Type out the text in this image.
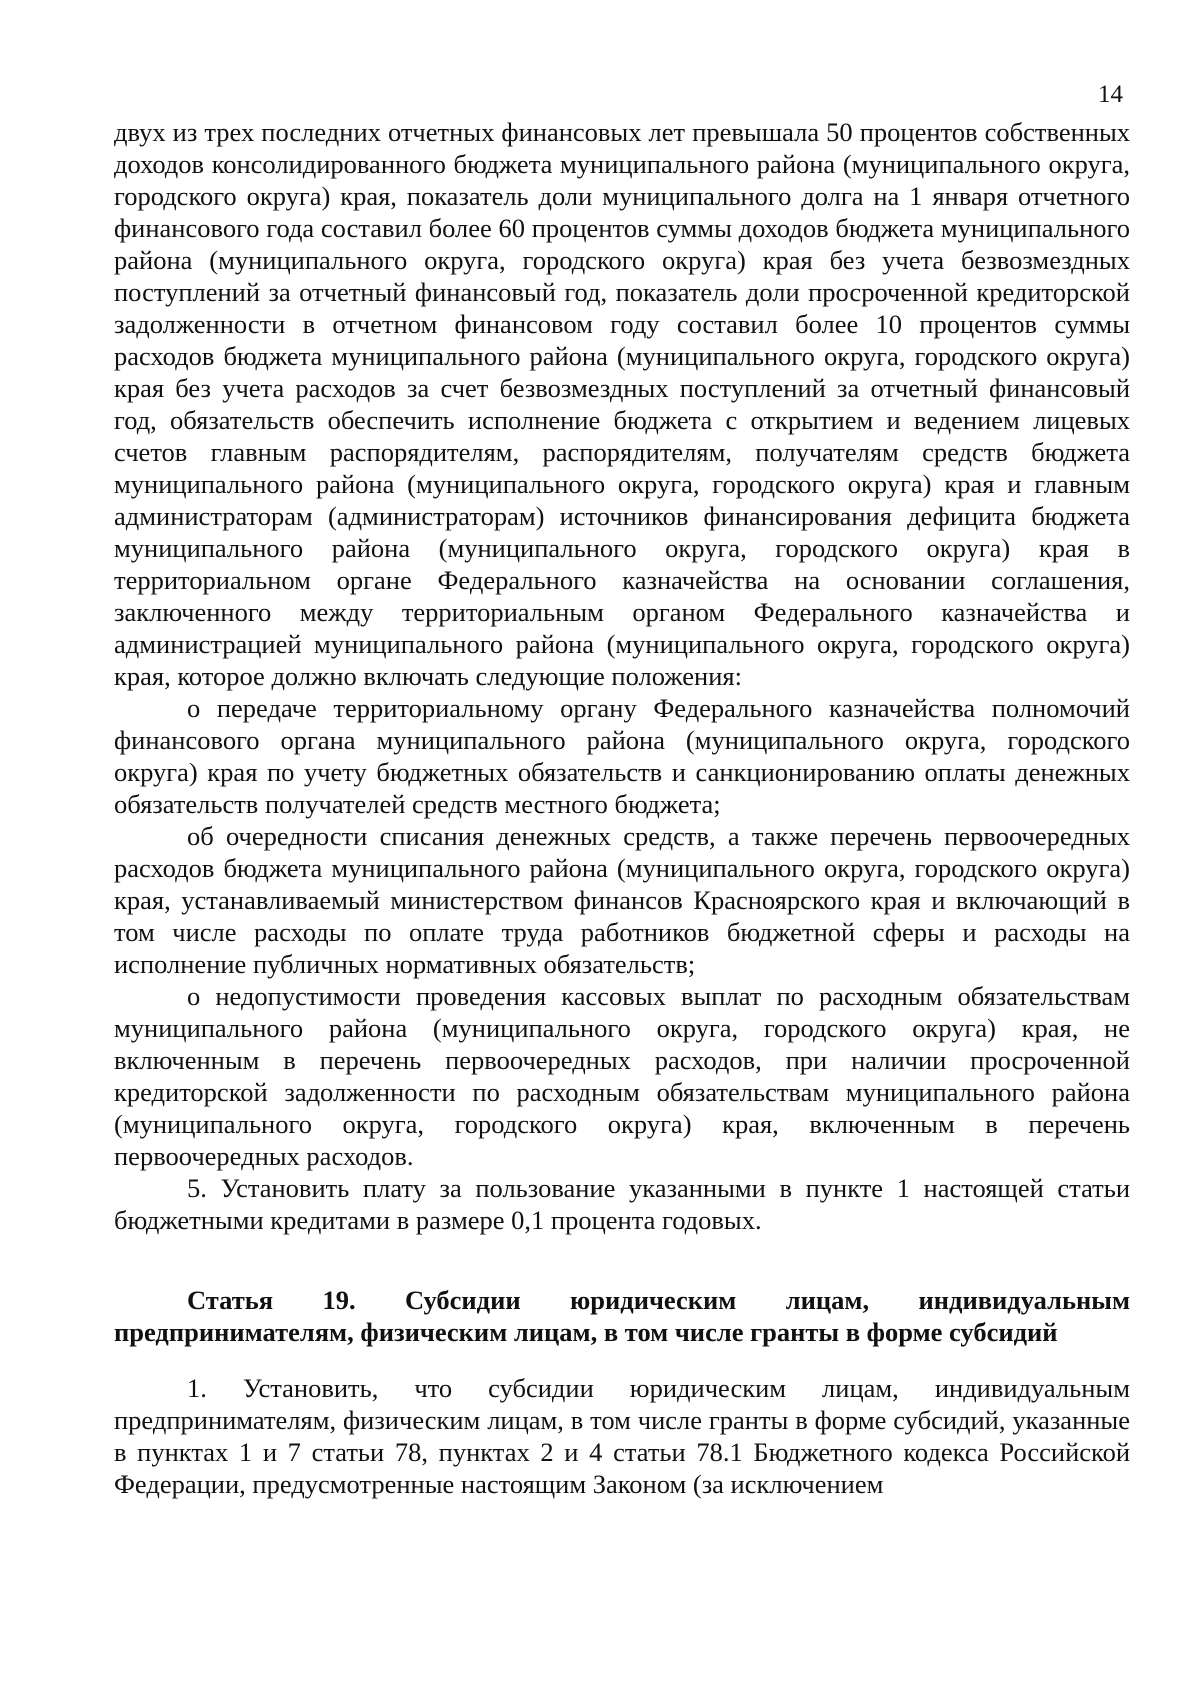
14

двух из трех последних отчетных финансовых лет превышала 50 процентов собственных доходов консолидированного бюджета муниципального района (муниципального округа, городского округа) края, показатель доли муниципального долга на 1 января отчетного финансового года составил более 60 процентов суммы доходов бюджета муниципального района (муниципального округа, городского округа) края без учета безвозмездных поступлений за отчетный финансовый год, показатель доли просроченной кредиторской задолженности в отчетном финансовом году составил более 10 процентов суммы расходов бюджета муниципального района (муниципального округа, городского округа) края без учета расходов за счет безвозмездных поступлений за отчетный финансовый год, обязательств обеспечить исполнение бюджета с открытием и ведением лицевых счетов главным распорядителям, распорядителям, получателям средств бюджета муниципального района (муниципального округа, городского округа) края и главным администраторам (администраторам) источников финансирования дефицита бюджета муниципального района (муниципального округа, городского округа) края в территориальном органе Федерального казначейства на основании соглашения, заключенного между территориальным органом Федерального казначейства и администрацией муниципального района (муниципального округа, городского округа) края, которое должно включать следующие положения:

о передаче территориальному органу Федерального казначейства полномочий финансового органа муниципального района (муниципального округа, городского округа) края по учету бюджетных обязательств и санкционированию оплаты денежных обязательств получателей средств местного бюджета;

об очередности списания денежных средств, а также перечень первоочередных расходов бюджета муниципального района (муниципального округа, городского округа) края, устанавливаемый министерством финансов Красноярского края и включающий в том числе расходы по оплате труда работников бюджетной сферы и расходы на исполнение публичных нормативных обязательств;

о недопустимости проведения кассовых выплат по расходным обязательствам муниципального района (муниципального округа, городского округа) края, не включенным в перечень первоочередных расходов, при наличии просроченной кредиторской задолженности по расходным обязательствам муниципального района (муниципального округа, городского округа) края, включенным в перечень первоочередных расходов.

5. Установить плату за пользование указанными в пункте 1 настоящей статьи бюджетными кредитами в размере 0,1 процента годовых.

Статья 19. Субсидии юридическим лицам, индивидуальным предпринимателям, физическим лицам, в том числе гранты в форме субсидий

1. Установить, что субсидии юридическим лицам, индивидуальным предпринимателям, физическим лицам, в том числе гранты в форме субсидий, указанные в пунктах 1 и 7 статьи 78, пунктах 2 и 4 статьи 78.1 Бюджетного кодекса Российской Федерации, предусмотренные настоящим Законом (за исключением
